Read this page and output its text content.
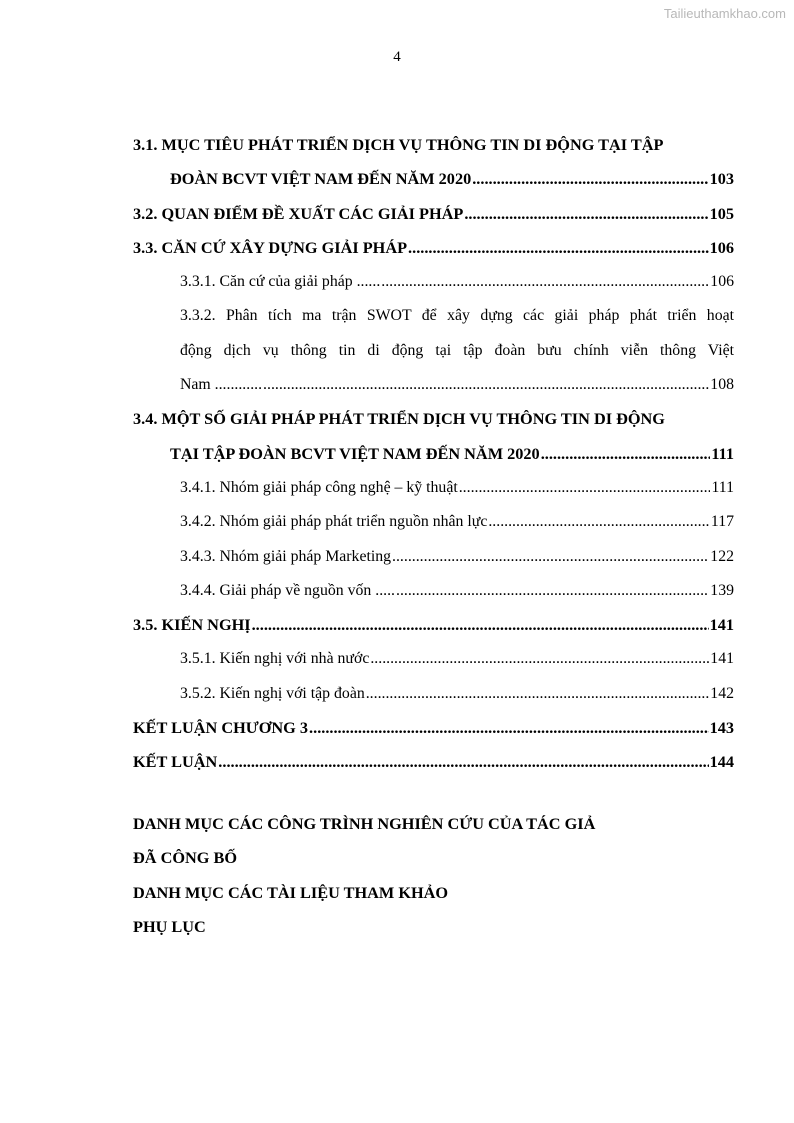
Tailieuthamkhao.com
4
3.1. MỤC TIÊU PHÁT TRIỂN DỊCH VỤ THÔNG TIN DI ĐỘNG TẠI TẬP
ĐOÀN BCVT VIỆT NAM ĐẾN NĂM 2020 .....	103
3.2. QUAN ĐIỂM ĐỀ XUẤT CÁC GIẢI PHÁP .....	105
3.3. CĂN CỨ XÂY DỰNG GIẢI PHÁP .....	106
3.3.1. Căn cứ của giải pháp ...... .....	106
3.3.2. Phân tích ma trận SWOT để xây dựng các giải pháp phát triển hoạt
động dịch vụ thông tin di động tại tập đoàn bưu chính viễn thông Việt
Nam ............ .....	108
3.4. MỘT SỐ GIẢI PHÁP PHÁT TRIỂN DỊCH VỤ THÔNG TIN DI ĐỘNG
TẠI TẬP ĐOÀN BCVT VIỆT NAM ĐẾN NĂM 2020 .....	111
3.4.1. Nhóm giải pháp công nghệ – kỹ thuật .....	111
3.4.2. Nhóm giải pháp phát triển nguồn nhân lực .....	117
3.4.3. Nhóm giải pháp Marketing .....	122
3.4.4. Giải pháp về nguồn vốn ..... .....	139
3.5. KIẾN NGHỊ .....	141
3.5.1. Kiến nghị với nhà nước .....	141
3.5.2. Kiến nghị với tập đoàn .....	142
KẾT LUẬN CHƯƠNG 3 .....	143
KẾT LUẬN .....	144
DANH MỤC CÁC CÔNG TRÌNH NGHIÊN CỨU CỦA TÁC GIẢ
ĐÃ CÔNG BỐ
DANH MỤC CÁC TÀI LIỆU THAM KHẢO
PHỤ LỤC
